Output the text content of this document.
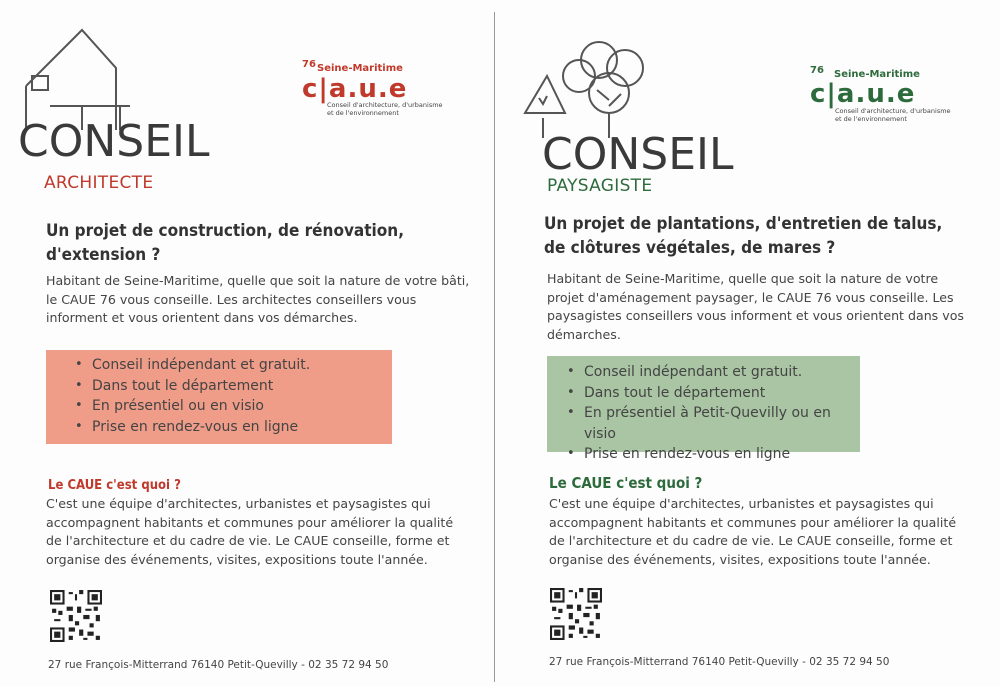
CONSEIL
ARCHITECTE
76 Seine-Maritime
c|a.u.e
Conseil d'architecture, d'urbanisme
et de l'environnement
Un projet de construction, de rénovation,
d'extension ?
Habitant de Seine-Maritime, quelle que soit la nature de votre bâti,
le CAUE 76 vous conseille. Les architectes conseillers vous
informent et vous orientent dans vos démarches.
• Conseil indépendant et gratuit.
• Dans tout le département
• En présentiel ou en visio
• Prise en rendez-vous en ligne
Le CAUE c'est quoi ?
C'est une équipe d'architectes, urbanistes et paysagistes qui
accompagnent habitants et communes pour améliorer la qualité
de l'architecture et du cadre de vie. Le CAUE conseille, forme et
organise des événements, visites, expositions toute l'année.
27 rue François-Mitterrand 76140 Petit-Quevilly - 02 35 72 94 50
CONSEIL
PAYSAGISTE
76	Seine-Maritime
c|a.u.e
Conseil d'architecture, d'urbanisme
et de l'environnement
Un projet de plantations, d'entretien de talus,
de clôtures végétales, de mares ?
Habitant de Seine-Maritime, quelle que soit la nature de votre
projet d'aménagement paysager, le CAUE 76 vous conseille. Les
paysagistes conseillers vous informent et vous orientent dans vos
démarches.
• Conseil indépendant et gratuit.
• Dans tout le département
• En présentiel à Petit-Quevilly ou en visio
• Prise en rendez-vous en ligne
Le CAUE c'est quoi ?
C'est une équipe d'architectes, urbanistes et paysagistes qui
accompagnent habitants et communes pour améliorer la qualité
de l'architecture et du cadre de vie. Le CAUE conseille, forme et
organise des événements, visites, expositions toute l'année.
27 rue François-Mitterrand 76140 Petit-Quevilly - 02 35 72 94 50
